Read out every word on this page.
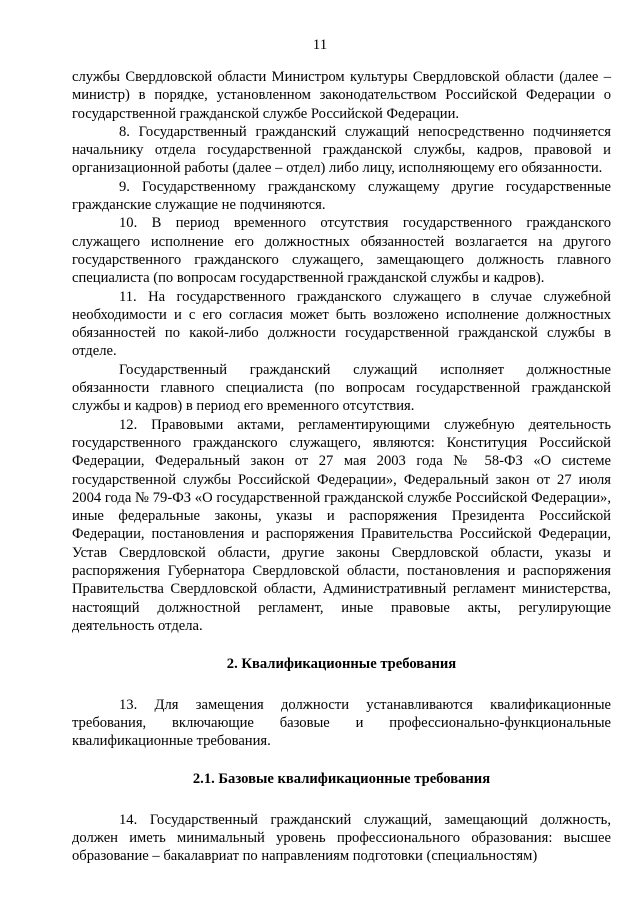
11

службы Свердловской области Министром культуры Свердловской области (далее – министр) в порядке, установленном законодательством Российской Федерации о государственной гражданской службе Российской Федерации.

8. Государственный гражданский служащий непосредственно подчиняется начальнику отдела государственной гражданской службы, кадров, правовой и организационной работы (далее – отдел) либо лицу, исполняющему его обязанности.

9. Государственному гражданскому служащему другие государственные гражданские служащие не подчиняются.

10. В период временного отсутствия государственного гражданского служащего исполнение его должностных обязанностей возлагается на другого государственного гражданского служащего, замещающего должность главного специалиста (по вопросам государственной гражданской службы и кадров).

11. На государственного гражданского служащего в случае служебной необходимости и с его согласия может быть возложено исполнение должностных обязанностей по какой-либо должности государственной гражданской службы в отделе.

Государственный гражданский служащий исполняет должностные обязанности главного специалиста (по вопросам государственной гражданской службы и кадров) в период его временного отсутствия.

12. Правовыми актами, регламентирующими служебную деятельность государственного гражданского служащего, являются: Конституция Российской Федерации, Федеральный закон от 27 мая 2003 года № 58-ФЗ «О системе государственной службы Российской Федерации», Федеральный закон от 27 июля 2004 года № 79-ФЗ «О государственной гражданской службе Российской Федерации», иные федеральные законы, указы и распоряжения Президента Российской Федерации, постановления и распоряжения Правительства Российской Федерации, Устав Свердловской области, другие законы Свердловской области, указы и распоряжения Губернатора Свердловской области, постановления и распоряжения Правительства Свердловской области, Административный регламент министерства, настоящий должностной регламент, иные правовые акты, регулирующие деятельность отдела.

2. Квалификационные требования

13. Для замещения должности устанавливаются квалификационные требования, включающие базовые и профессионально-функциональные квалификационные требования.

2.1. Базовые квалификационные требования

14. Государственный гражданский служащий, замещающий должность, должен иметь минимальный уровень профессионального образования: высшее образование – бакалавриат по направлениям подготовки (специальностям)
